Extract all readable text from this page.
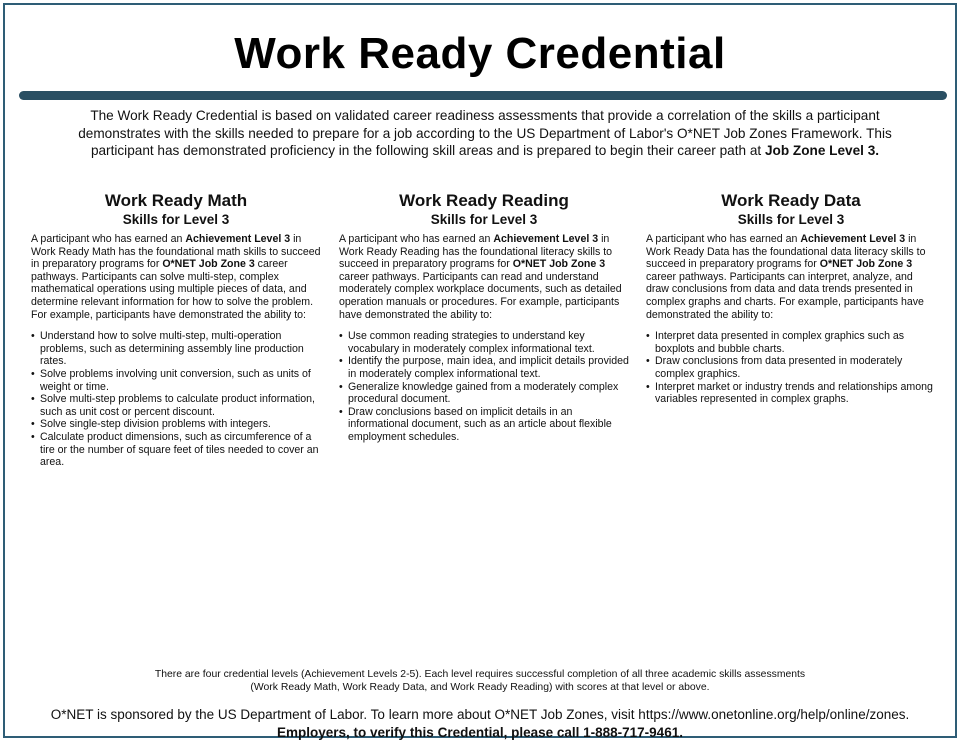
Work Ready Credential
The Work Ready Credential is based on validated career readiness assessments that provide a correlation of the skills a participant demonstrates with the skills needed to prepare for a job according to the US Department of Labor's O*NET Job Zones Framework. This participant has demonstrated proficiency in the following skill areas and is prepared to begin their career path at Job Zone Level 3.
Work Ready Math
Skills for Level 3

A participant who has earned an Achievement Level 3 in Work Ready Math has the foundational math skills to succeed in preparatory programs for O*NET Job Zone 3 career pathways. Participants can solve multi-step, complex mathematical operations using multiple pieces of data, and determine relevant information for how to solve the problem. For example, participants have demonstrated the ability to:

• Understand how to solve multi-step, multi-operation problems, such as determining assembly line production rates.
• Solve problems involving unit conversion, such as units of weight or time.
• Solve multi-step problems to calculate product information, such as unit cost or percent discount.
• Solve single-step division problems with integers.
• Calculate product dimensions, such as circumference of a tire or the number of square feet of tiles needed to cover an area.
Work Ready Reading
Skills for Level 3

A participant who has earned an Achievement Level 3 in Work Ready Reading has the foundational literacy skills to succeed in preparatory programs for O*NET Job Zone 3 career pathways. Participants can read and understand moderately complex workplace documents, such as detailed operation manuals or procedures. For example, participants have demonstrated the ability to:

• Use common reading strategies to understand key vocabulary in moderately complex informational text.
• Identify the purpose, main idea, and implicit details provided in moderately complex informational text.
• Generalize knowledge gained from a moderately complex procedural document.
• Draw conclusions based on implicit details in an informational document, such as an article about flexible employment schedules.
Work Ready Data
Skills for Level 3

A participant who has earned an Achievement Level 3 in Work Ready Data has the foundational data literacy skills to succeed in preparatory programs for O*NET Job Zone 3 career pathways. Participants can interpret, analyze, and draw conclusions from data and data trends presented in complex graphs and charts. For example, participants have demonstrated the ability to:

• Interpret data presented in complex graphics such as boxplots and bubble charts.
• Draw conclusions from data presented in moderately complex graphics.
• Interpret market or industry trends and relationships among variables represented in complex graphs.
There are four credential levels (Achievement Levels 2-5). Each level requires successful completion of all three academic skills assessments
(Work Ready Math, Work Ready Data, and Work Ready Reading) with scores at that level or above.
O*NET is sponsored by the US Department of Labor. To learn more about O*NET Job Zones, visit https://www.onetonline.org/help/online/zones.
Employers, to verify this Credential, please call 1-888-717-9461.
